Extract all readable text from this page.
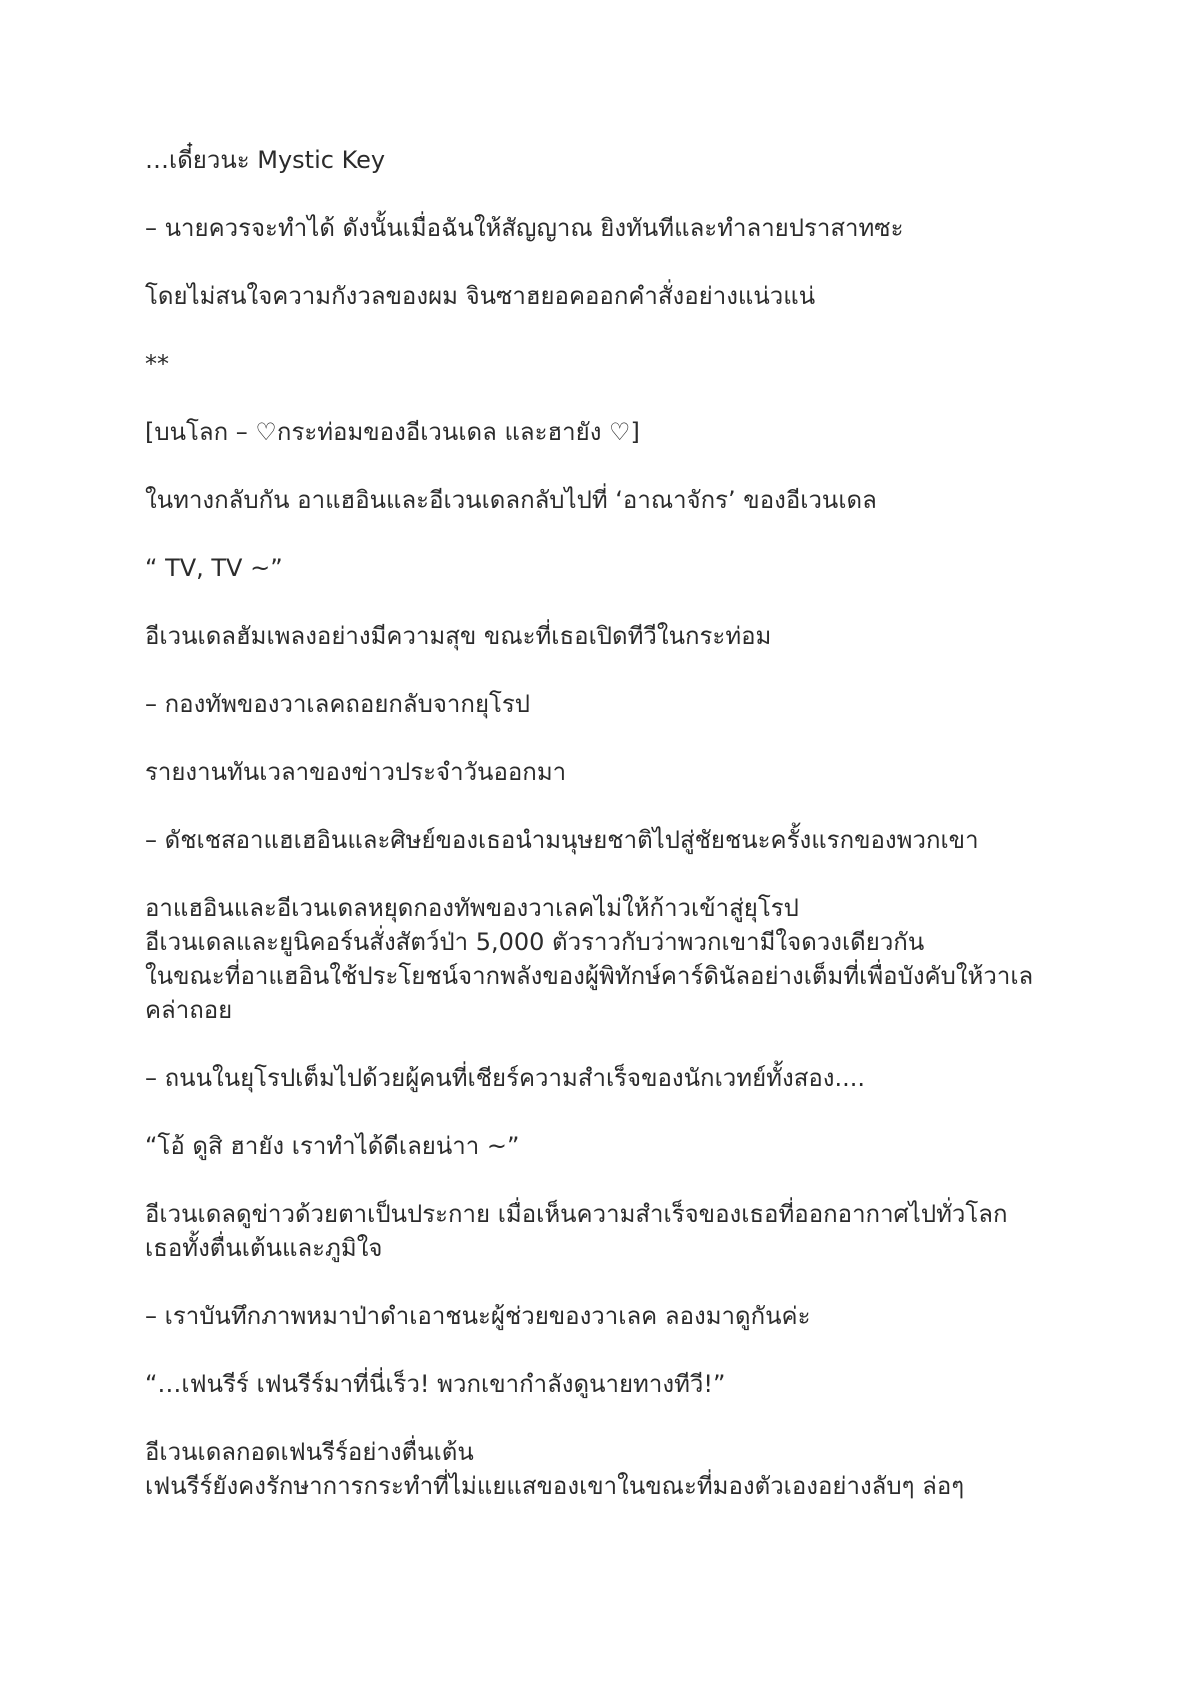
…เดี๋ยวนะ Mystic Key

– นายควรจะทำได้ ดังนั้นเมื่อฉันให้สัญญาณ ยิงทันทีและทำลายปราสาทซะ

โดยไม่สนใจความกังวลของผม จินซาฮยอคออกคำสั่งอย่างแน่วแน่

**

[บนโลก – ♡กระท่อมของอีเวนเดล และฮายัง ♡]

ในทางกลับกัน อาแฮอินและอีเวนเดลกลับไปที่ ‘อาณาจักร’ ของอีเวนเดล

“ TV, TV ~”

อีเวนเดลฮัมเพลงอย่างมีความสุข ขณะที่เธอเปิดทีวีในกระท่อม

– กองทัพของวาเลคถอยกลับจากยุโรป

รายงานทันเวลาของข่าวประจำวันออกมา

– ดัชเชสอาแฮเฮอินและศิษย์ของเธอนำมนุษยชาติไปสู่ชัยชนะครั้งแรกของพวกเขา

อาแฮอินและอีเวนเดลหยุดกองทัพของวาเลคไม่ให้ก้าวเข้าสู่ยุโรป
อีเวนเดลและยูนิคอร์นสั่งสัตว์ป่า 5,000 ตัวราวกับว่าพวกเขามีใจดวงเดียวกัน
ในขณะที่อาแฮอินใช้ประโยชน์จากพลังของผู้พิทักษ์คาร์ดินัลอย่างเต็มที่เพื่อบังคับให้วาเล
คล่าถอย

– ถนนในยุโรปเต็มไปด้วยผู้คนที่เชียร์ความสำเร็จของนักเวทย์ทั้งสอง....

“โอ้ ดูสิ ฮายัง เราทำได้ดีเลยน่าา ~”

อีเวนเดลดูข่าวด้วยตาเป็นประกาย เมื่อเห็นความสำเร็จของเธอที่ออกอากาศไปทั่วโลก
เธอทั้งตื่นเต้นและภูมิใจ

– เราบันทึกภาพหมาป่าดำเอาชนะผู้ช่วยของวาเลค ลองมาดูกันค่ะ

“…เฟนรีร์ เฟนรีร์มาที่นี่เร็ว! พวกเขากำลังดูนายทางทีวี!”

อีเวนเดลกอดเฟนรีร์อย่างตื่นเต้น
เฟนรีร์ยังคงรักษาการกระทำที่ไม่แยแสของเขาในขณะที่มองตัวเองอย่างลับๆ ล่อๆ
